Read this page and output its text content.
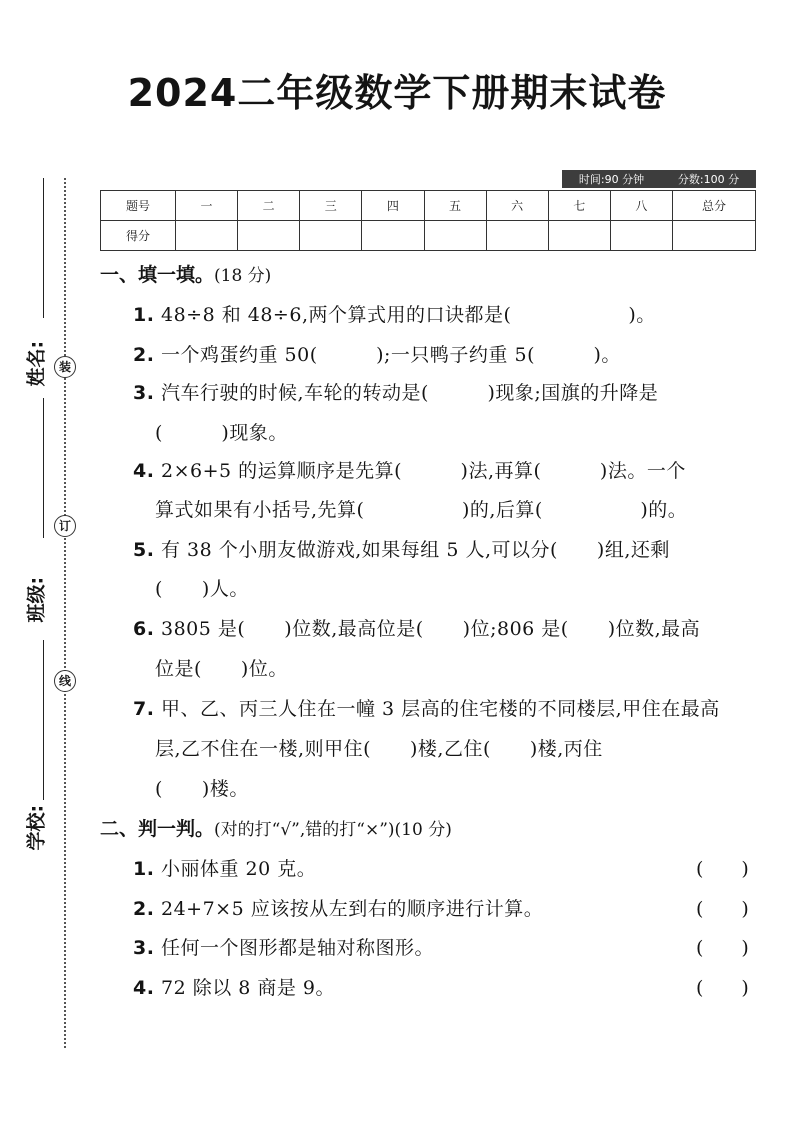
2024二年级数学下册期末试卷
装
订
线
姓名:
班级:
学校:
时间:90 分钟	分数:100 分
题号	一	二	三	四	五	六	七	八	总分
得分									
一、填一填。(18 分)
1. 48÷8 和 48÷6,两个算式用的口诀都是(　　　　　　)。
2. 一个鸡蛋约重 50(　　　);一只鸭子约重 5(　　　)。
3. 汽车行驶的时候,车轮的转动是(　　　)现象;国旗的升降是
(　　　)现象。
4. 2×6+5 的运算顺序是先算(　　　)法,再算(　　　)法。一个
算式如果有小括号,先算(　　　　　)的,后算(　　　　　)的。
5. 有 38 个小朋友做游戏,如果每组 5 人,可以分(　　)组,还剩
(　　)人。
6. 3805 是(　　)位数,最高位是(　　)位;806 是(　　)位数,最高
位是(　　)位。
7. 甲、乙、丙三人住在一幢 3 层高的住宅楼的不同楼层,甲住在最高
层,乙不住在一楼,则甲住(　　)楼,乙住(　　)楼,丙住
(　　)楼。
二、判一判。(对的打“√”,错的打“×”)(10 分)
1. 小丽体重 20 克。	(　　)
2. 24+7×5 应该按从左到右的顺序进行计算。	(　　)
3. 任何一个图形都是轴对称图形。	(　　)
4. 72 除以 8 商是 9。	(　　)
